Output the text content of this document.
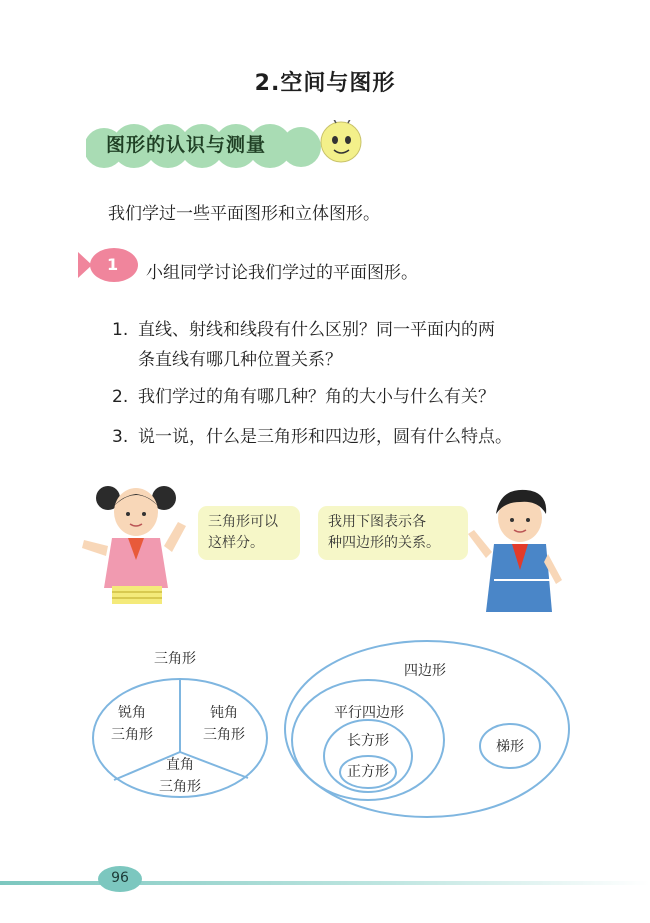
2.空间与图形
图形的认识与测量
我们学过一些平面图形和立体图形。
1 小组同学讨论我们学过的平面图形。
1. 直线、射线和线段有什么区别？同一平面内的两
条直线有哪几种位置关系？
2. 我们学过的角有哪几种？角的大小与什么有关？
3. 说一说，什么是三角形和四边形，圆有什么特点。
三角形可以
这样分。
我用下图表示各
种四边形的关系。
三角形
锐角
三角形
钝角
三角形
直角
三角形
四边形
平行四边形
长方形
正方形
梯形
96
